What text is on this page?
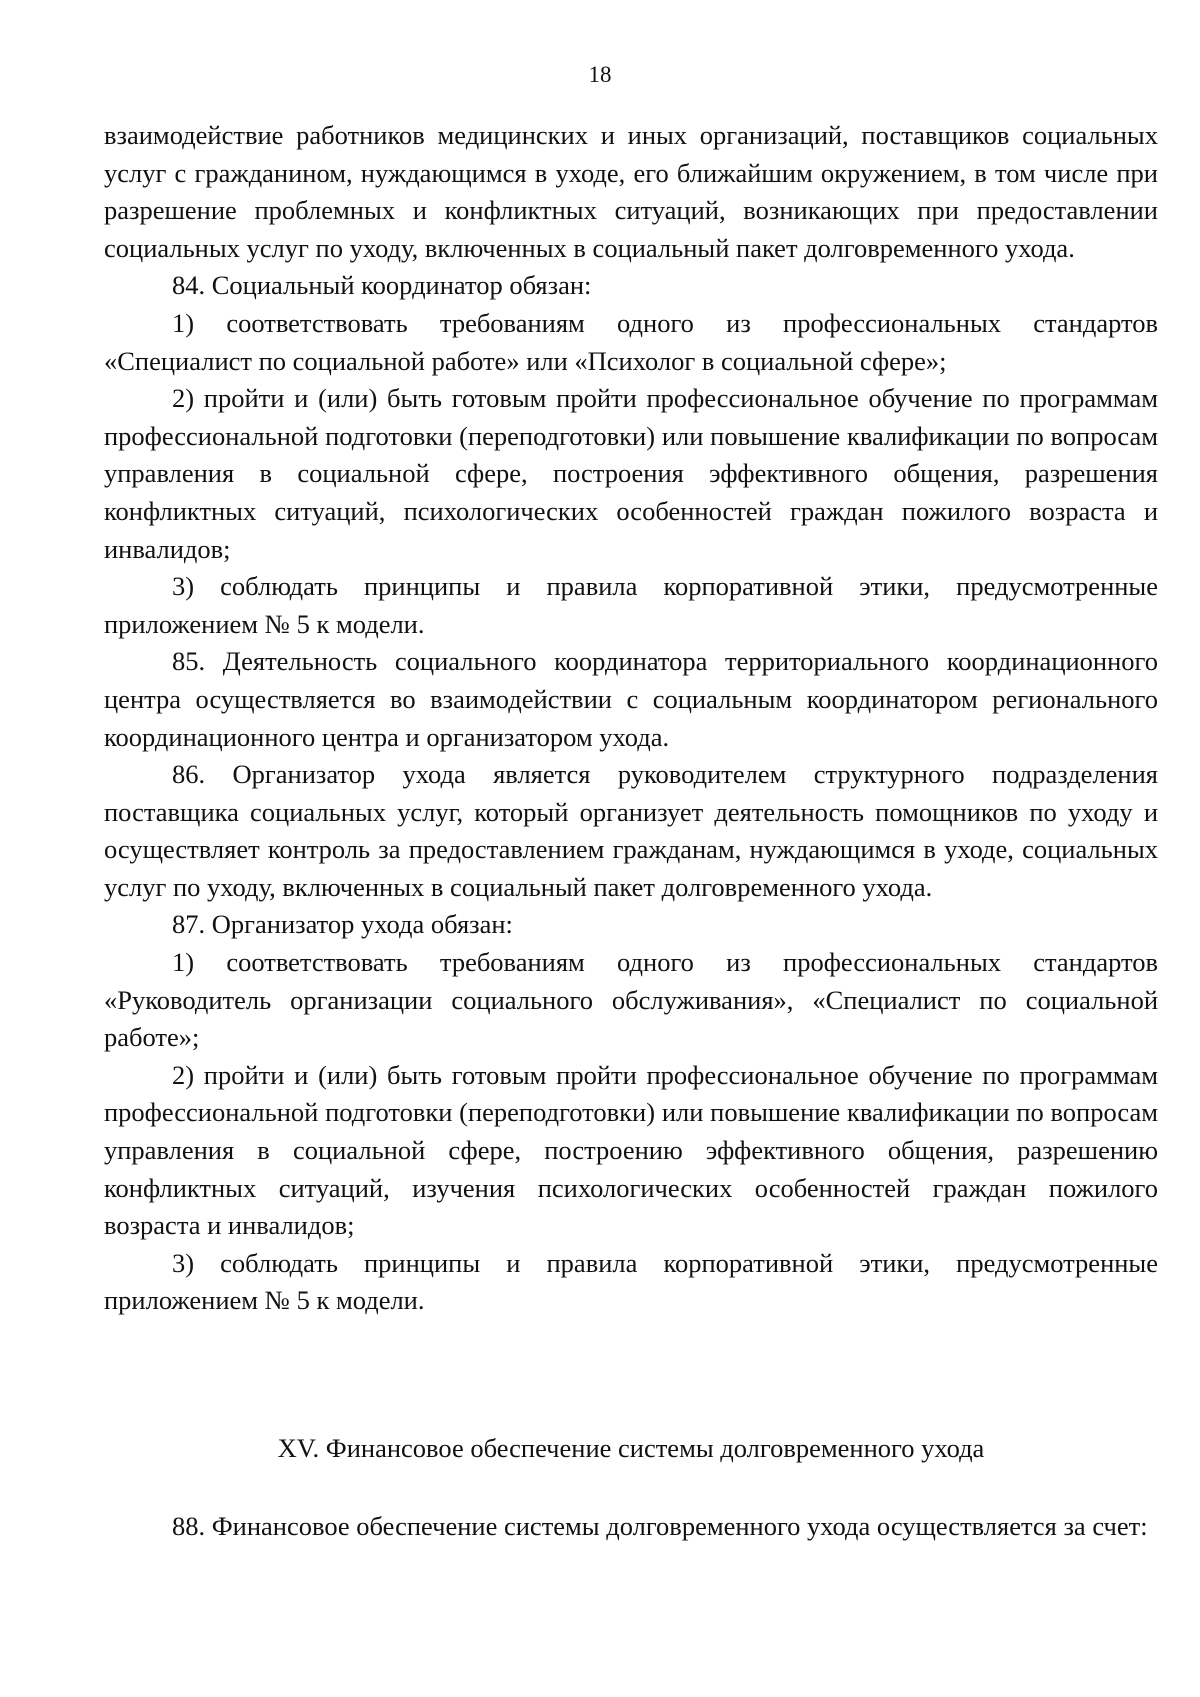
18

взаимодействие работников медицинских и иных организаций, поставщиков социальных услуг с гражданином, нуждающимся в уходе, его ближайшим окружением, в том числе при разрешение проблемных и конфликтных ситуаций, возникающих при предоставлении социальных услуг по уходу, включенных в социальный пакет долговременного ухода.

84. Социальный координатор обязан:

1) соответствовать требованиям одного из профессиональных стандартов «Специалист по социальной работе» или «Психолог в социальной сфере»;

2) пройти и (или) быть готовым пройти профессиональное обучение по программам профессиональной подготовки (переподготовки) или повышение квалификации по вопросам управления в социальной сфере, построения эффективного общения, разрешения конфликтных ситуаций, психологических особенностей граждан пожилого возраста и инвалидов;

3) соблюдать принципы и правила корпоративной этики, предусмотренные приложением № 5 к модели.

85. Деятельность социального координатора территориального координационного центра осуществляется во взаимодействии с социальным координатором регионального координационного центра и организатором ухода.

86. Организатор ухода является руководителем структурного подразделения поставщика социальных услуг, который организует деятельность помощников по уходу и осуществляет контроль за предоставлением гражданам, нуждающимся в уходе, социальных услуг по уходу, включенных в социальный пакет долговременного ухода.

87. Организатор ухода обязан:

1) соответствовать требованиям одного из профессиональных стандартов «Руководитель организации социального обслуживания», «Специалист по социальной работе»;

2) пройти и (или) быть готовым пройти профессиональное обучение по программам профессиональной подготовки (переподготовки) или повышение квалификации по вопросам управления в социальной сфере, построению эффективного общения, разрешению конфликтных ситуаций, изучения психологических особенностей граждан пожилого возраста и инвалидов;

3) соблюдать принципы и правила корпоративной этики, предусмотренные приложением № 5 к модели.

XV. Финансовое обеспечение системы долговременного ухода

88. Финансовое обеспечение системы долговременного ухода осуществляется за счет:
